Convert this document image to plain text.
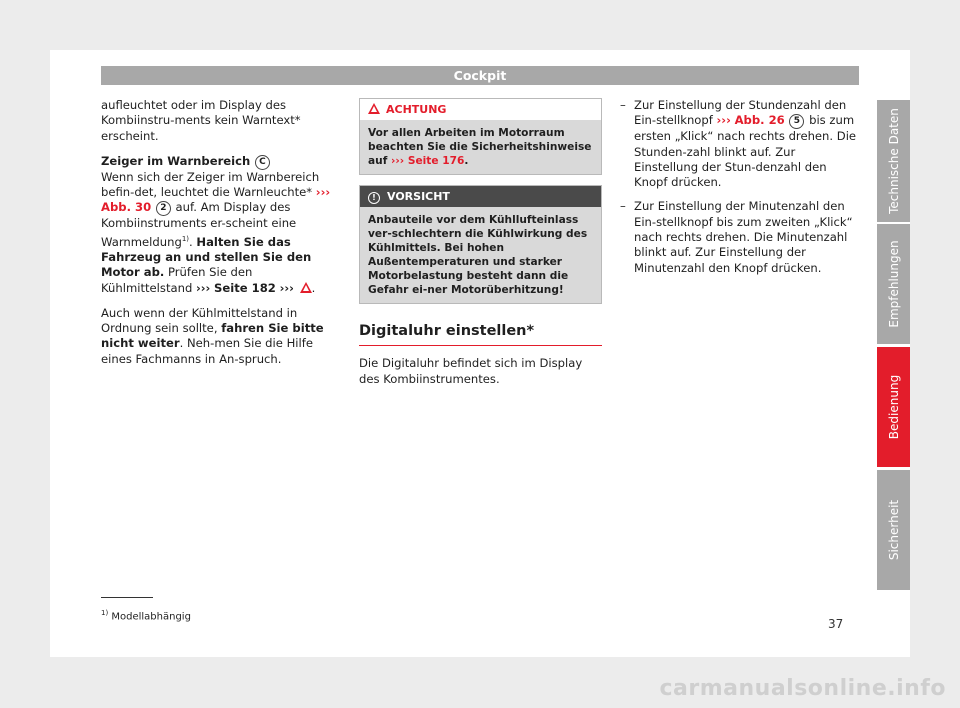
Cockpit

aufleuchtet oder im Display des Kombiinstru-ments kein Warntext* erscheint.

Zeiger im Warnbereich C

Wenn sich der Zeiger im Warnbereich befin-det, leuchtet die Warnleuchte* ››› Abb. 30 2 auf. Am Display des Kombiinstruments er-scheint eine Warnmeldung$^{1)}$. Halten Sie das Fahrzeug an und stellen Sie den Motor ab. Prüfen Sie den Kühlmittelstand ››› Seite 182 ››› .

Auch wenn der Kühlmittelstand in Ordnung sein sollte, fahren Sie bitte nicht weiter. Neh-men Sie die Hilfe eines Fachmanns in An-spruch.

ACHTUNG
Vor allen Arbeiten im Motorraum beachten Sie die Sicherheitshinweise auf ››› Seite 176.
! VORSICHT
Anbauteile vor dem Kühllufteinlass ver-schlechtern die Kühlwirkung des Kühlmittels. Bei hohen Außentemperaturen und starker Motorbelastung besteht dann die Gefahr ei-ner Motorüberhitzung!
Digitaluhr einstellen*

Die Digitaluhr befindet sich im Display des Kombiinstrumentes.

– Zur Einstellung der Stundenzahl den Ein-stellknopf ››› Abb. 26 5 bis zum ersten „Klick“ nach rechts drehen. Die Stunden-zahl blinkt auf. Zur Einstellung der Stun-denzahl den Knopf drücken.

– Zur Einstellung der Minutenzahl den Ein-stellknopf bis zum zweiten „Klick“ nach rechts drehen. Die Minutenzahl blinkt auf. Zur Einstellung der Minutenzahl den Knopf drücken.

$^{1)}$ Modellabhängig
37
Technische Daten
Empfehlungen
Bedienung
Sicherheit
carmanualsonline.info
